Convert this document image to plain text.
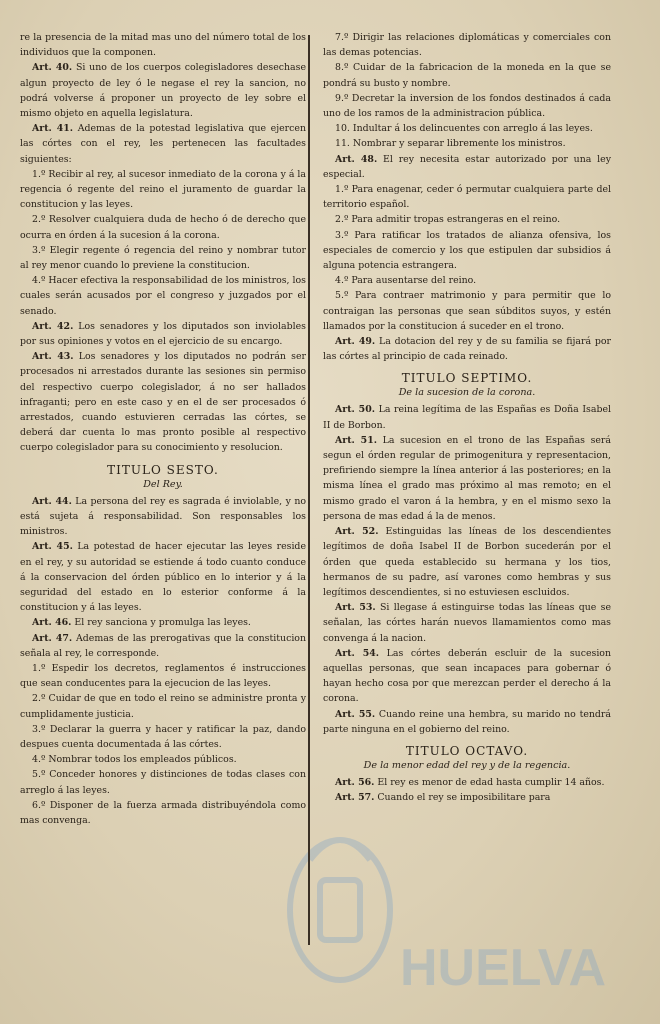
HUELVA

re la presencia de la mitad mas uno del número total de los individuos que la componen.

Art. 40. Si uno de los cuerpos colegisladores desechase algun proyecto de ley ó le negase el rey la sancion, no podrá volverse á proponer un proyecto de ley sobre el mismo objeto en aquella legislatura.

Art. 41. Ademas de la potestad legislativa que ejercen las córtes con el rey, les pertenecen las facultades siguientes:

1.º Recibir al rey, al sucesor inmediato de la corona y á la regencia ó regente del reino el juramento de guardar la constitucion y las leyes.

2.º Resolver cualquiera duda de hecho ó de derecho que ocurra en órden á la sucesion á la corona.

3.º Elegir regente ó regencia del reino y nombrar tutor al rey menor cuando lo previene la constitucion.

4.º Hacer efectiva la responsabilidad de los ministros, los cuales serán acusados por el congreso y juzgados por el senado.

Art. 42. Los senadores y los diputados son inviolables por sus opiniones y votos en el ejercicio de su encargo.

Art. 43. Los senadores y los diputados no podrán ser procesados ni arrestados durante las sesiones sin permiso del respectivo cuerpo colegislador, á no ser hallados infraganti; pero en este caso y en el de ser procesados ó arrestados, cuando estuvieren cerradas las córtes, se deberá dar cuenta lo mas pronto posible al respectivo cuerpo colegislador para su conocimiento y resolucion.

TITULO SESTO.
Del Rey.

Art. 44. La persona del rey es sagrada é inviolable, y no está sujeta á responsabilidad. Son responsables los ministros.

Art. 45. La potestad de hacer ejecutar las leyes reside en el rey, y su autoridad se estiende á todo cuanto conduce á la conservacion del órden público en lo interior y á la seguridad del estado en lo esterior conforme á la constitucion y á las leyes.

Art. 46. El rey sanciona y promulga las leyes.

Art. 47. Ademas de las prerogativas que la constitucion señala al rey, le corresponde.

1.º Espedir los decretos, reglamentos é instrucciones que sean conducentes para la ejecucion de las leyes.

2.º Cuidar de que en todo el reino se administre pronta y cumplidamente justicia.

3.º Declarar la guerra y hacer y ratificar la paz, dando despues cuenta documentada á las córtes.

4.º Nombrar todos los empleados públicos.

5.º Conceder honores y distinciones de todas clases con arreglo á las leyes.

6.º Disponer de la fuerza armada distribuyéndola como mas convenga.

7.º Dirigir las relaciones diplomáticas y comerciales con las demas potencias.

8.º Cuidar de la fabricacion de la moneda en la que se pondrá su busto y nombre.

9.º Decretar la inversion de los fondos destinados á cada uno de los ramos de la administracion pública.

10. Indultar á los delincuentes con arreglo á las leyes.

11. Nombrar y separar libremente los ministros.

Art. 48. El rey necesita estar autorizado por una ley especial.

1.º Para enagenar, ceder ó permutar cualquiera parte del territorio español.

2.º Para admitir tropas estrangeras en el reino.

3.º Para ratificar los tratados de alianza ofensiva, los especiales de comercio y los que estipulen dar subsidios á alguna potencia estrangera.

4.º Para ausentarse del reino.

5.º Para contraer matrimonio y para permitir que lo contraigan las personas que sean súbditos suyos, y estén llamados por la constitucion á suceder en el trono.

Art. 49. La dotacion del rey y de su familia se fijará por las córtes al principio de cada reinado.

TITULO SEPTIMO.
De la sucesion de la corona.

Art. 50. La reina legítima de las Españas es Doña Isabel II de Borbon.

Art. 51. La sucesion en el trono de las Españas será segun el órden regular de primogenitura y representacion, prefiriendo siempre la línea anterior á las posteriores; en la misma línea el grado mas próximo al mas remoto; en el mismo grado el varon á la hembra, y en el mismo sexo la persona de mas edad á la de menos.

Art. 52. Estinguidas las líneas de los descendientes legítimos de doña Isabel II de Borbon sucederán por el órden que queda establecido su hermana y los tios, hermanos de su padre, así varones como hembras y sus legítimos descendientes, si no estuviesen escluidos.

Art. 53. Si llegase á estinguirse todas las líneas que se señalan, las córtes harán nuevos llamamientos como mas convenga á la nacion.

Art. 54. Las córtes deberán escluir de la sucesion aquellas personas, que sean incapaces para gobernar ó hayan hecho cosa por que merezcan perder el derecho á la corona.

Art. 55. Cuando reine una hembra, su marido no tendrá parte ninguna en el gobierno del reino.

TITULO OCTAVO.
De la menor edad del rey y de la regencia.

Art. 56. El rey es menor de edad hasta cumplir 14 años.

Art. 57. Cuando el rey se imposibilitare para
